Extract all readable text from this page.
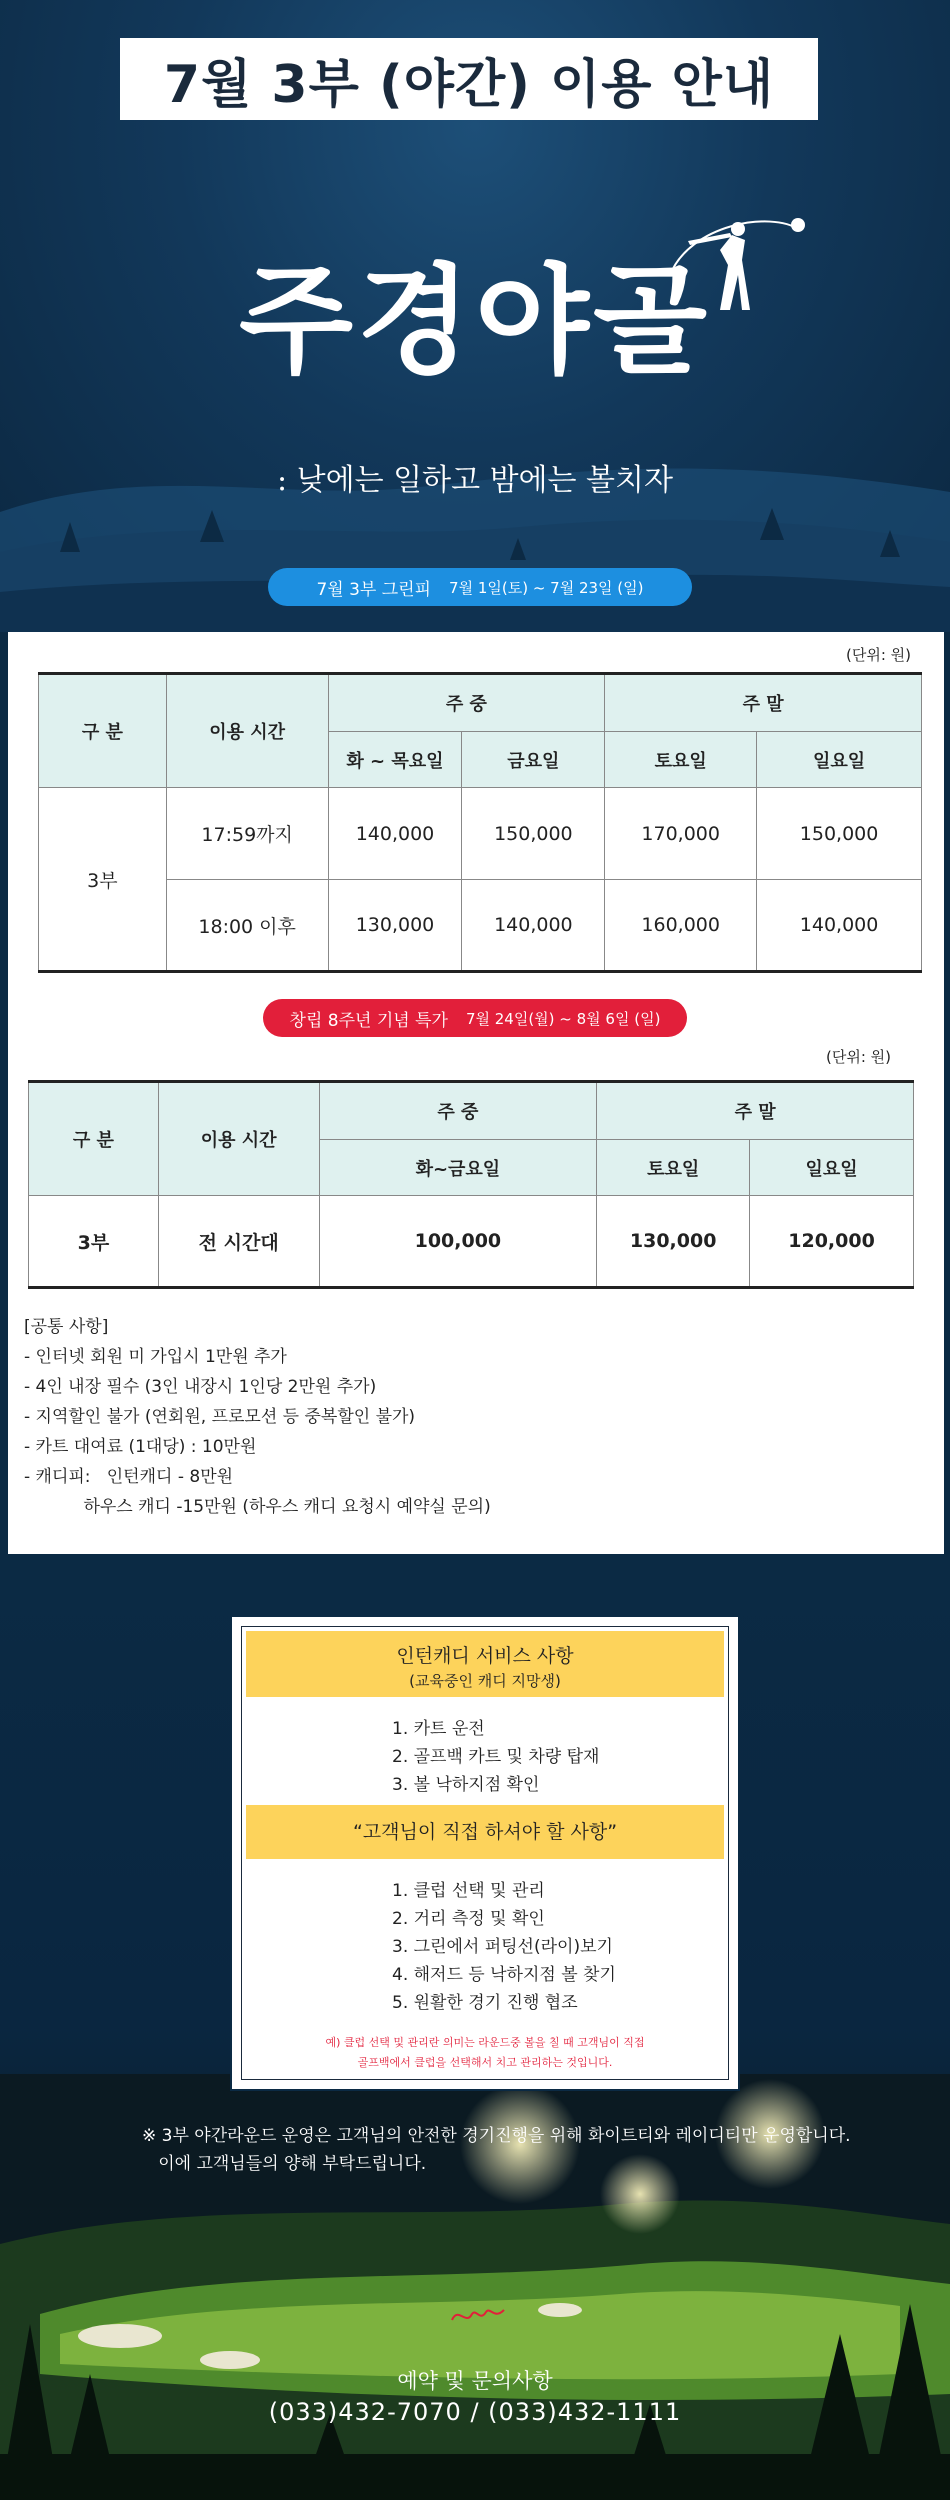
7월 3부 (야간) 이용 안내
주경야골
: 낮에는 일하고 밤에는 볼치자
7월 3부 그린피 7월 1일(토) ~ 7월 23일 (일)
(단위: 원)
구 분	이용 시간	주 중		주 말	
		화 ~ 목요일	금요일	토요일	일요일
3부	17:59까지	140,000	150,000	170,000	150,000
	18:00 이후	130,000	140,000	160,000	140,000
창립 8주년 기념 특가 7월 24일(월) ~ 8월 6일 (일)
(단위: 원)
구 분	이용 시간	주 중	주 말	
		화~금요일	토요일	일요일
3부	전 시간대	100,000	130,000	120,000
[공통 사항]
- 인터넷 회원 미 가입시 1만원 추가
- 4인 내장 필수 (3인 내장시 1인당 2만원 추가)
- 지역할인 불가 (연회원, 프로모션 등 중복할인 불가)
- 카트 대여료 (1대당) : 10만원
- 캐디피:   인턴캐디 - 8만원
하우스 캐디 -15만원 (하우스 캐디 요청시 예약실 문의)
인턴캐디 서비스 사항
(교육중인 캐디 지망생)
1. 카트 운전
2. 골프백 카트 및 차량 탑재
3. 볼 낙하지점 확인
“고객님이 직접 하셔야 할 사항”
1. 클럽 선택 및 관리
2. 거리 측정 및 확인
3. 그린에서 퍼팅선(라이)보기
4. 해저드 등 낙하지점 볼 찾기
5. 원활한 경기 진행 협조
예) 클럽 선택 및 관리란 의미는 라운드중 볼을 칠 때 고객님이 직접
골프백에서 클럽을 선택해서 치고 관리하는 것입니다.
※ 3부 야간라운드 운영은 고객님의 안전한 경기진행을 위해 화이트티와 레이디티만 운영합니다.
이에 고객님들의 양해 부탁드립니다.
예약 및 문의사항
(033)432-7070 / (033)432-1111
